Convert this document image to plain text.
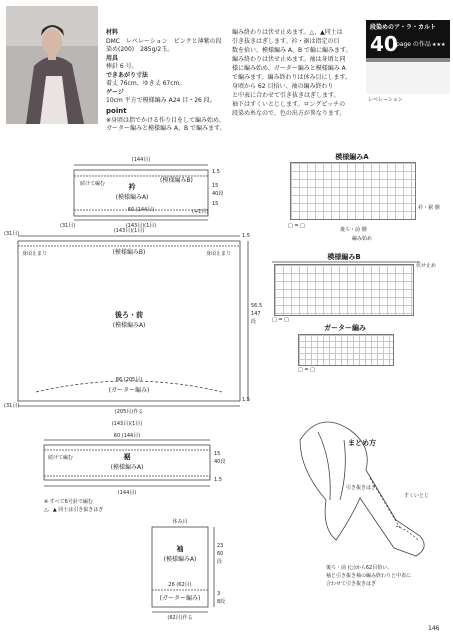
段染めのア・ラ・カルト
40
page の作品 ★★★
レベレーション
材料
DMC　レベレーション　ピンクと薄紫の段
染め(200)　285g/2玉。
用具
棒針 6 号。
できあがり寸法
着丈 76cm、ゆき丈 67cm。
ゲージ
10cm 平方で模様編み A24 目・26 段。
point
※身頃は指でかける作り目をして編み始め、
ガーター編みと模様編み A、B で編みます。
編み終わりは伏せ止めます。△、▲同士は
引き抜きはぎします。衿・裾は指定の目
数を拾い、模様編み A、B で輪に編みます。
編み終わりは伏せ止めます。袖は身頃と同
様に編み始め、ガーター編みと模様編み A
で編みます。編み終わりは休み目にします。
身頃から 62 目拾い、袖の編み終わり
と中表に合わせて引き抜きはぎします。
袖下はすくいとじします。ロングピッチの
段染め糸なので、色の出方が異なります。
模様編みA
□ = □
後ろ・前 側
編み始め
衿・裾 側
模様編みB
伏せ止め
□ = □
ガーター編み
□ = □
(144目)
衿
(模様編みA)
(模様編みB)
60 (144目)
続けて編む
1.5
15
40段
15
(31目)	(143目)(1目)
(+1目)
(143目)(1目)
(模様編みB)
後ろ・前
(模様編みA)
身頃止まり	身頃止まり
56.5
147
段
86 (205目)
(ガーター編み)
(205目)作る
(31目)
(31目)
1.5
1.5
(143目)(1目)
60 (144目)
裾
(模様編みA)
続けて編む
15
40段
1.5
(144目)
※ すべて6号針で編む
△、▲ 同士は引き抜きはぎ
休み目
袖
(模様編みA)
23
60
段
26 (62目)
(ガーター編み)
(62目)作る
3
8段
まとめ方
引き抜きはぎ
すくいとじ
後ろ・前 (○)から62目拾い、
袖と引き抜き袖の編み終わりと中表に
合わせて引き抜きはぎ
146
